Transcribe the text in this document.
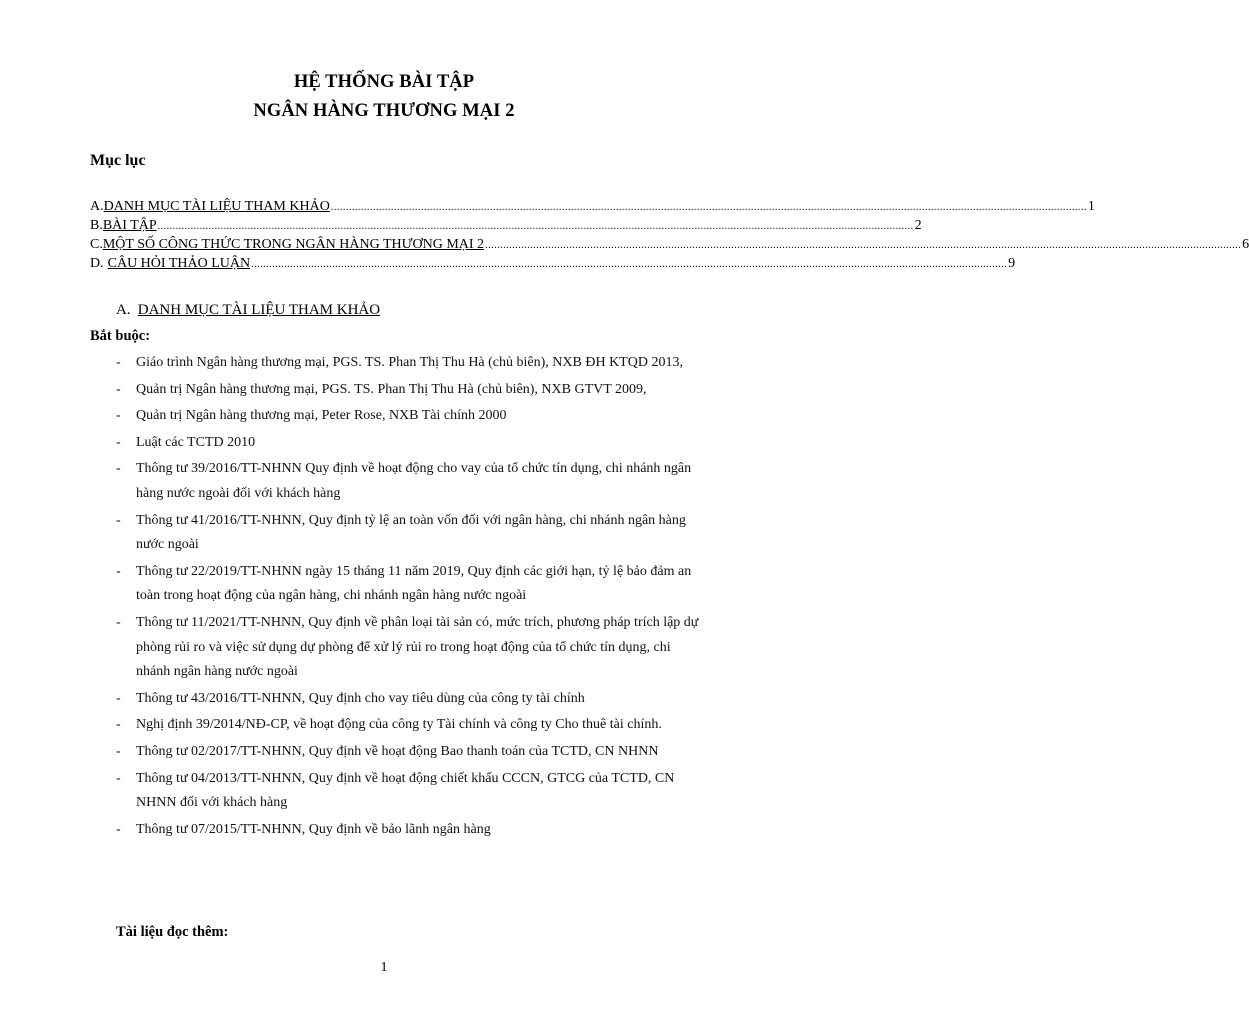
HỆ THỐNG BÀI TẬP
NGÂN HÀNG THƯƠNG MẠI 2
Mục lục
A. DANH MỤC TÀI LIỆU THAM KHẢO ............................................................................................................................................................................................................................................................ 1
B. BÀI TẬP ............................................................................................................................................................................................................................................................ 2
C. MỘT SỐ CÔNG THỨC TRONG NGÂN HÀNG THƯƠNG MẠI 2 ............................................................................................................................................................................................................................................................ 6
D. CÂU HỎI THẢO LUẬN ............................................................................................................................................................................................................................................................ 9
A. DANH MỤC TÀI LIỆU THAM KHẢO
Bắt buộc:
- Giáo trình Ngân hàng thương mại, PGS. TS. Phan Thị Thu Hà (chủ biên), NXB ĐH KTQD 2013,
- Quản trị Ngân hàng thương mại, PGS. TS. Phan Thị Thu Hà (chủ biên), NXB GTVT 2009,
- Quản trị Ngân hàng thương mại, Peter Rose, NXB Tài chính 2000
- Luật các TCTD 2010
- Thông tư 39/2016/TT-NHNN Quy định về hoạt động cho vay của tổ chức tín dụng, chi nhánh ngân hàng nước ngoài đối với khách hàng
- Thông tư 41/2016/TT-NHNN, Quy định tỷ lệ an toàn vốn đối với ngân hàng, chi nhánh ngân hàng nước ngoài
- Thông tư 22/2019/TT-NHNN ngày 15 tháng 11 năm 2019, Quy định các giới hạn, tỷ lệ bảo đảm an toàn trong hoạt động của ngân hàng, chi nhánh ngân hàng nước ngoài
- Thông tư 11/2021/TT-NHNN, Quy định về phân loại tài sản có, mức trích, phương pháp trích lập dự phòng rủi ro và việc sử dụng dự phòng để xử lý rủi ro trong hoạt động của tổ chức tín dụng, chi nhánh ngân hàng nước ngoài
- Thông tư 43/2016/TT-NHNN, Quy định cho vay tiêu dùng của công ty tài chính
- Nghị định 39/2014/NĐ-CP, về hoạt động của công ty Tài chính và công ty Cho thuê tài chính.
- Thông tư 02/2017/TT-NHNN, Quy định về hoạt động Bao thanh toán của TCTD, CN NHNN
- Thông tư 04/2013/TT-NHNN, Quy định về hoạt động chiết khấu CCCN, GTCG của TCTD, CN NHNN đối với khách hàng
- Thông tư 07/2015/TT-NHNN, Quy định về bảo lãnh ngân hàng
Tài liệu đọc thêm:
1
